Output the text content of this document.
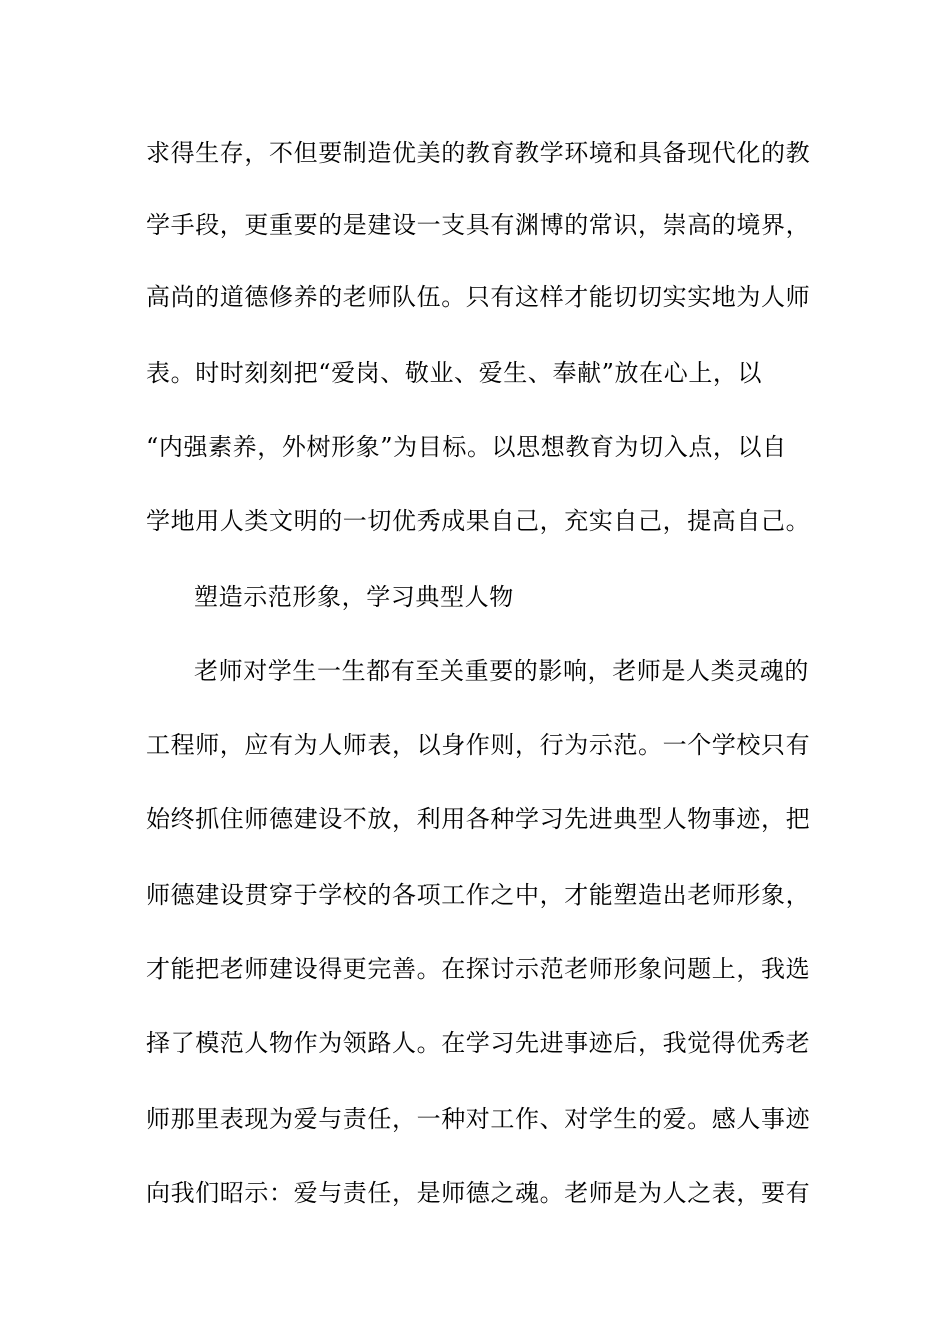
求得生存，不但要制造优美的教育教学环境和具备现代化的教
学手段，更重要的是建设一支具有渊博的常识，崇高的境界，
高尚的道德修养的老师队伍。只有这样才能切切实实地为人师
表。时时刻刻把“爱岗、敬业、爱生、奉献”放在心上，以
“内强素养，外树形象”为目标。以思想教育为切入点，以自
学地用人类文明的一切优秀成果自己，充实自己，提高自己。
塑造示范形象，学习典型人物
老师对学生一生都有至关重要的影响，老师是人类灵魂的
工程师，应有为人师表，以身作则，行为示范。一个学校只有
始终抓住师德建设不放，利用各种学习先进典型人物事迹，把
师德建设贯穿于学校的各项工作之中，才能塑造出老师形象，
才能把老师建设得更完善。在探讨示范老师形象问题上，我选
择了模范人物作为领路人。在学习先进事迹后，我觉得优秀老
师那里表现为爱与责任，一种对工作、对学生的爱。感人事迹
向我们昭示：爱与责任，是师德之魂。老师是为人之表，要有
